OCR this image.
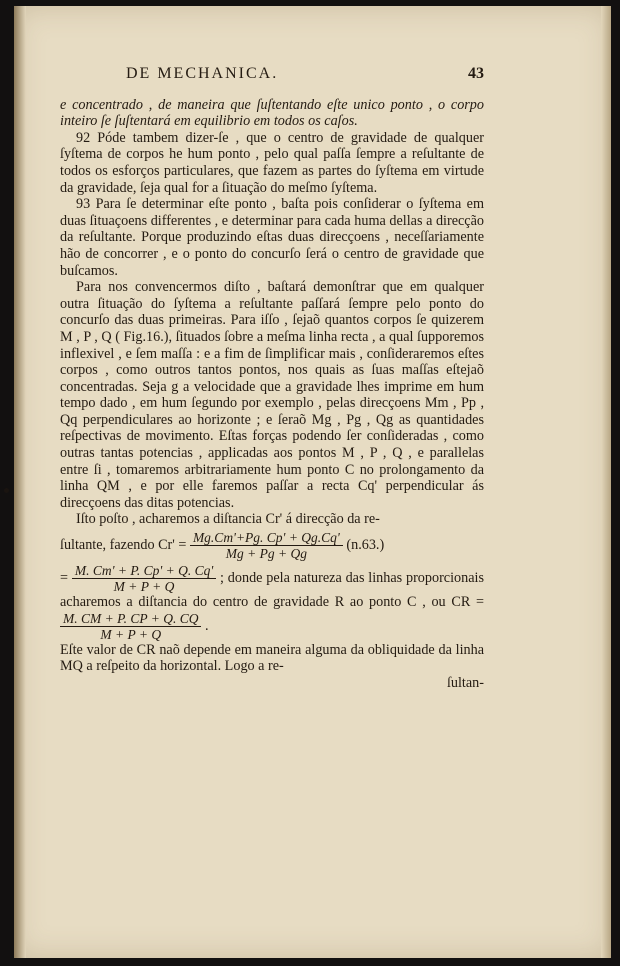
DE MECHANICA.	43

e concentrado , de maneira que ſuſtentando eſte unico ponto , o corpo inteiro ſe ſuſtentará em equilibrio em todos os caſos.

92 Póde tambem dizer-ſe , que o centro de gravidade de qualquer ſyſtema de corpos he hum ponto , pelo qual paſſa ſempre a reſultante de todos os esforços particulares, que fazem as partes do ſyſtema em virtude da gravidade, ſeja qual for a ſituação do meſmo ſyſtema.

93 Para ſe determinar eſte ponto , baſta pois conſiderar o ſyſtema em duas ſituaçoens differentes , e determinar para cada huma dellas a direcção da reſultante. Porque produzindo eſtas duas direcçoens , neceſſariamente hão de concorrer , e o ponto do concurſo ſerá o centro de gravidade que buſcamos.

Para nos convencermos diſto , baſtará demonſtrar que em qualquer outra ſituação do ſyſtema a reſultante paſſará ſempre pelo ponto do concurſo das duas primeiras. Para iſſo , ſejaõ quantos corpos ſe quizerem M , P , Q ( Fig.16.), ſituados ſobre a meſma linha recta , a qual ſupporemos inflexivel , e ſem maſſa : e a fim de ſimplificar mais , conſideraremos eſtes corpos , como outros tantos pontos, nos quais as ſuas maſſas eſtejaõ concentradas. Seja g a velocidade que a gravidade lhes imprime em hum tempo dado , em hum ſegundo por exemplo , pelas direcçoens Mm , Pp , Qq perpendiculares ao horizonte ; e ſeraõ Mg , Pg , Qg as quantidades reſpectivas de movimento. Eſtas forças podendo ſer conſideradas , como outras tantas potencias , applicadas aos pontos M , P , Q , e parallelas entre ſi , tomaremos arbitrariamente hum ponto C no prolongamento da linha QM , e por elle faremos paſſar a recta Cq' perpendicular ás direcçoens das ditas potencias.

Iſto poſto , acharemos a diſtancia Cr' á direcção da re-

ſultante, fazendo $Cr' = \frac{Mg.Cm'+Pg. Cp' + Qg.Cq'}{Mg + Pg + Qg} (n.63.)$

= $\frac{M. Cm' + P. Cp' + Q. Cq'}{M + P + Q}$ ; donde pela natureza das linhas proporcionais acharemos a diſtancia do centro de gravidade R ao ponto C , ou CR =
$\frac{M. CM + P. CP + Q. CQ}{M + P + Q}$ .

Eſte valor de CR naõ depende em maneira alguma da obliquidade da linha MQ a reſpeito da horizontal. Logo a re-

ſultan-
